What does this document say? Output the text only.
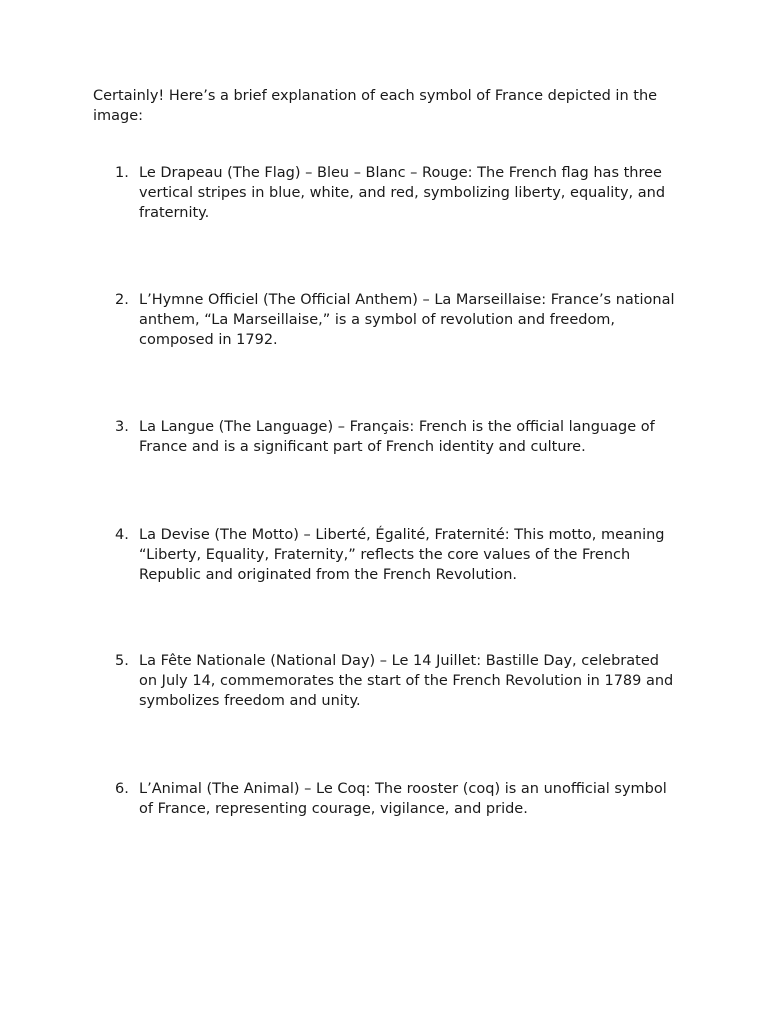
Certainly! Here’s a brief explanation of each symbol of France depicted in the image:

1. Le Drapeau (The Flag) – Bleu – Blanc – Rouge: The French flag has three vertical stripes in blue, white, and red, symbolizing liberty, equality, and fraternity.
2. L’Hymne Officiel (The Official Anthem) – La Marseillaise: France’s national anthem, “La Marseillaise,” is a symbol of revolution and freedom, composed in 1792.
3. La Langue (The Language) – Français: French is the official language of France and is a significant part of French identity and culture.
4. La Devise (The Motto) – Liberté, Égalité, Fraternité: This motto, meaning “Liberty, Equality, Fraternity,” reflects the core values of the French Republic and originated from the French Revolution.
5. La Fête Nationale (National Day) – Le 14 Juillet: Bastille Day, celebrated on July 14, commemorates the start of the French Revolution in 1789 and symbolizes freedom and unity.
6. L’Animal (The Animal) – Le Coq: The rooster (coq) is an unofficial symbol of France, representing courage, vigilance, and pride.
